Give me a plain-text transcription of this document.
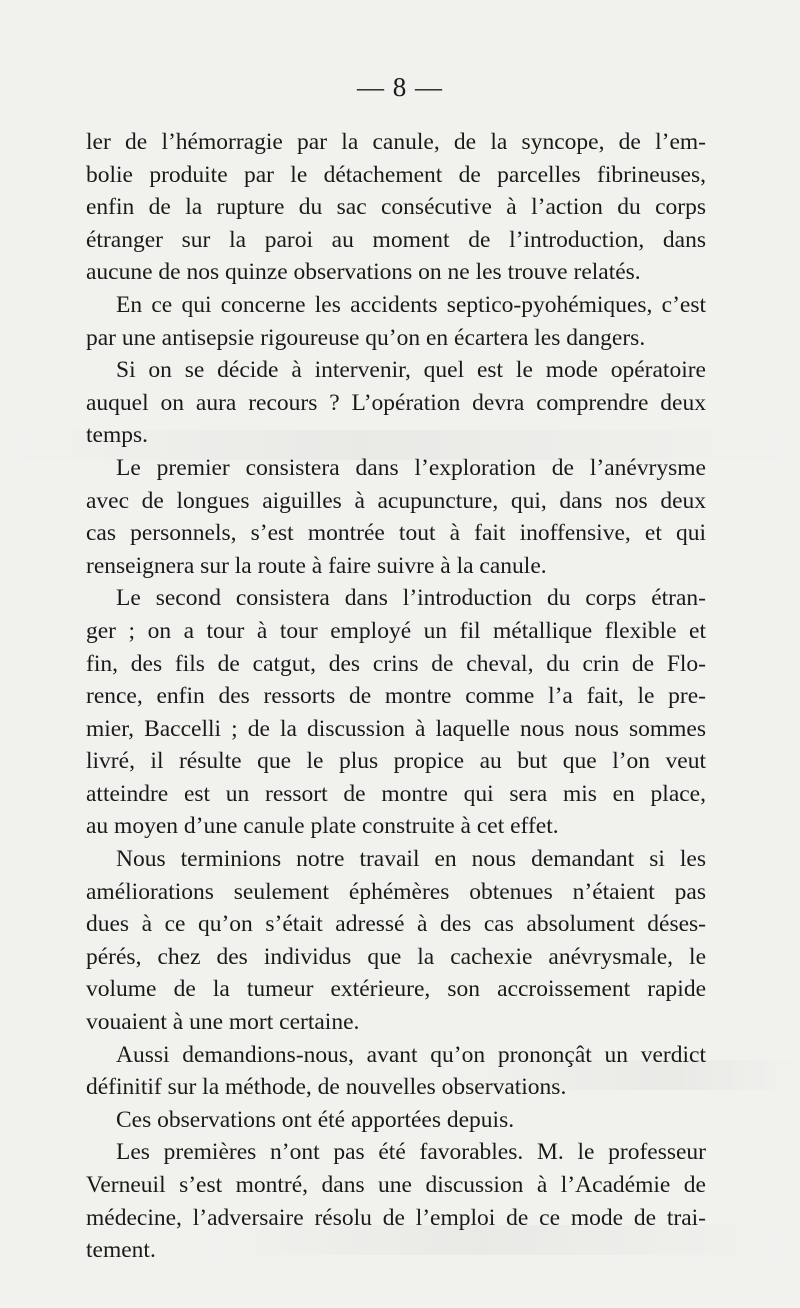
— 8 —
ler de l’hémorragie par la canule, de la syncope, de l’em-
bolie produite par le détachement de parcelles fibrineuses,
enfin de la rupture du sac consécutive à l’action du corps
étranger sur la paroi au moment de l’introduction, dans
aucune de nos quinze observations on ne les trouve relatés.
En ce qui concerne les accidents septico-pyohémiques, c’est
par une antisepsie rigoureuse qu’on en écartera les dangers.
Si on se décide à intervenir, quel est le mode opératoire
auquel on aura recours ? L’opération devra comprendre deux
temps.
Le premier consistera dans l’exploration de l’anévrysme
avec de longues aiguilles à acupuncture, qui, dans nos deux
cas personnels, s’est montrée tout à fait inoffensive, et qui
renseignera sur la route à faire suivre à la canule.
Le second consistera dans l’introduction du corps étran-
ger ; on a tour à tour employé un fil métallique flexible et
fin, des fils de catgut, des crins de cheval, du crin de Flo-
rence, enfin des ressorts de montre comme l’a fait, le pre-
mier, Baccelli ; de la discussion à laquelle nous nous sommes
livré, il résulte que le plus propice au but que l’on veut
atteindre est un ressort de montre qui sera mis en place,
au moyen d’une canule plate construite à cet effet.
Nous terminions notre travail en nous demandant si les
améliorations seulement éphémères obtenues n’étaient pas
dues à ce qu’on s’était adressé à des cas absolument déses-
pérés, chez des individus que la cachexie anévrysmale, le
volume de la tumeur extérieure, son accroissement rapide
vouaient à une mort certaine.
Aussi demandions-nous, avant qu’on prononçât un verdict
définitif sur la méthode, de nouvelles observations.
Ces observations ont été apportées depuis.
Les premières n’ont pas été favorables. M. le professeur
Verneuil s’est montré, dans une discussion à l’Académie de
médecine, l’adversaire résolu de l’emploi de ce mode de trai-
tement.
